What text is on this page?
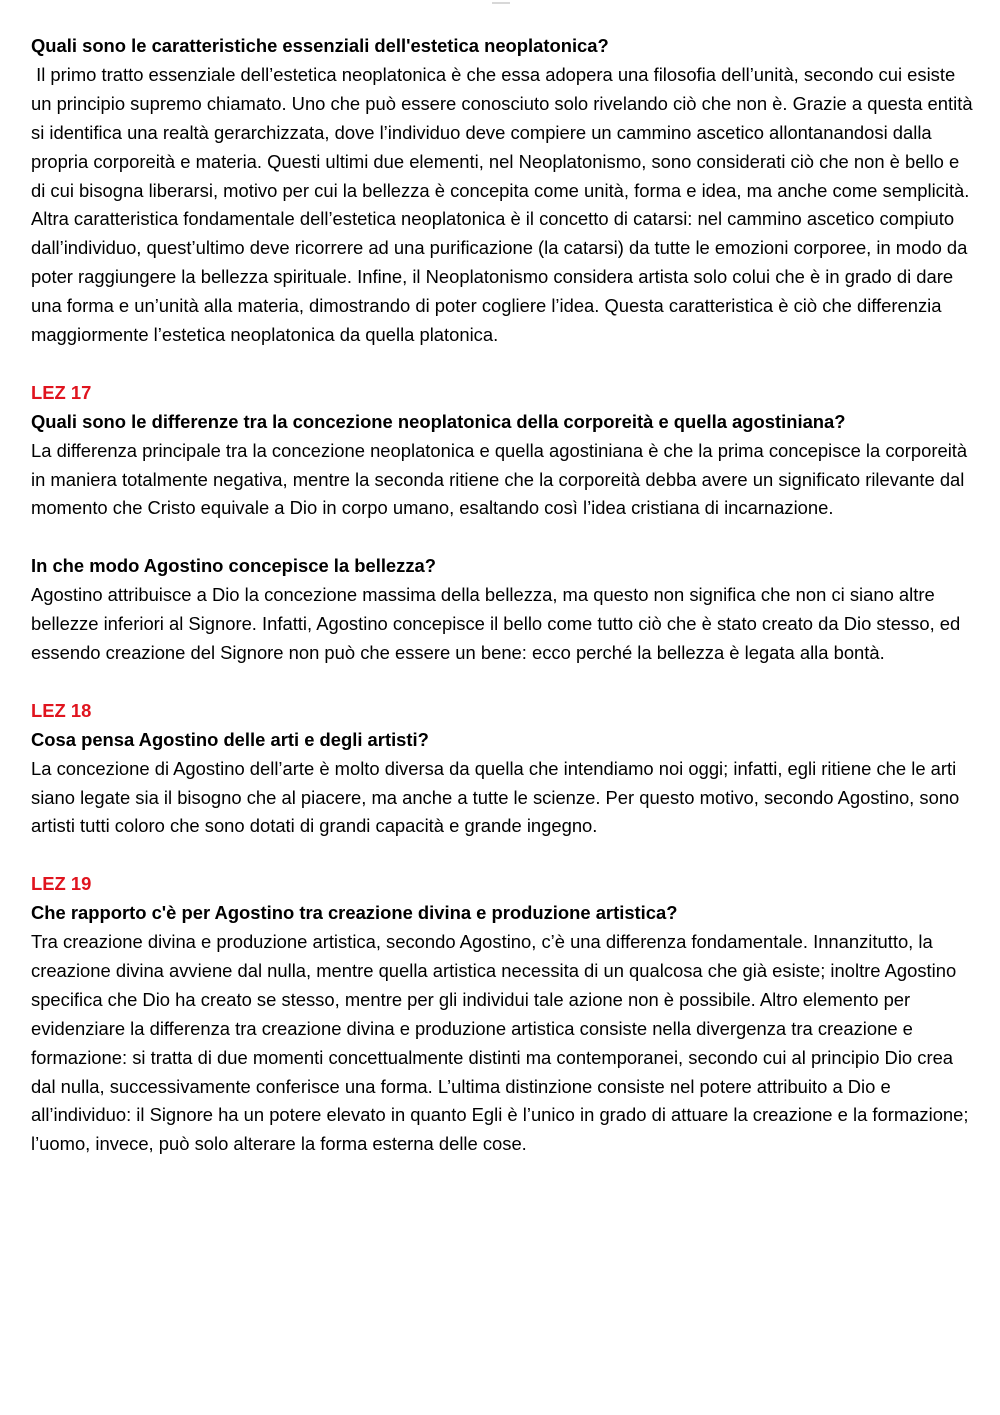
Quali sono le caratteristiche essenziali dell'estetica neoplatonica?

Il primo tratto essenziale dell’estetica neoplatonica è che essa adopera una filosofia dell’unità, secondo cui esiste un principio supremo chiamato. Uno che può essere conosciuto solo rivelando ciò che non è. Grazie a questa entità si identifica una realtà gerarchizzata, dove l’individuo deve compiere un cammino ascetico allontanandosi dalla propria corporeità e materia. Questi ultimi due elementi, nel Neoplatonismo, sono considerati ciò che non è bello e di cui bisogna liberarsi, motivo per cui la bellezza è concepita come unità, forma e idea, ma anche come semplicità. Altra caratteristica fondamentale dell’estetica neoplatonica è il concetto di catarsi: nel cammino ascetico compiuto dall’individuo, quest’ultimo deve ricorrere ad una purificazione (la catarsi) da tutte le emozioni corporee, in modo da poter raggiungere la bellezza spirituale. Infine, il Neoplatonismo considera artista solo colui che è in grado di dare una forma e un’unità alla materia, dimostrando di poter cogliere l’idea. Questa caratteristica è ciò che differenzia maggiormente l’estetica neoplatonica da quella platonica.

LEZ 17
Quali sono le differenze tra la concezione neoplatonica della corporeità e quella agostiniana?

La differenza principale tra la concezione neoplatonica e quella agostiniana è che la prima concepisce la corporeità in maniera totalmente negativa, mentre la seconda ritiene che la corporeità debba avere un significato rilevante dal momento che Cristo equivale a Dio in corpo umano, esaltando così l’idea cristiana di incarnazione.

In che modo Agostino concepisce la bellezza?

Agostino attribuisce a Dio la concezione massima della bellezza, ma questo non significa che non ci siano altre bellezze inferiori al Signore. Infatti, Agostino concepisce il bello come tutto ciò che è stato creato da Dio stesso, ed essendo creazione del Signore non può che essere un bene: ecco perché la bellezza è legata alla bontà.

LEZ 18
Cosa pensa Agostino delle arti e degli artisti?

La concezione di Agostino dell’arte è molto diversa da quella che intendiamo noi oggi; infatti, egli ritiene che le arti siano legate sia il bisogno che al piacere, ma anche a tutte le scienze. Per questo motivo, secondo Agostino, sono artisti tutti coloro che sono dotati di grandi capacità e grande ingegno.

LEZ 19
Che rapporto c'è per Agostino tra creazione divina e produzione artistica?

Tra creazione divina e produzione artistica, secondo Agostino, c’è una differenza fondamentale. Innanzitutto, la creazione divina avviene dal nulla, mentre quella artistica necessita di un qualcosa che già esiste; inoltre Agostino specifica che Dio ha creato se stesso, mentre per gli individui tale azione non è possibile. Altro elemento per evidenziare la differenza tra creazione divina e produzione artistica consiste nella divergenza tra creazione e formazione: si tratta di due momenti concettualmente distinti ma contemporanei, secondo cui al principio Dio crea dal nulla, successivamente conferisce una forma. L’ultima distinzione consiste nel potere attribuito a Dio e all’individuo: il Signore ha un potere elevato in quanto Egli è l’unico in grado di attuare la creazione e la formazione; l’uomo, invece, può solo alterare la forma esterna delle cose.
